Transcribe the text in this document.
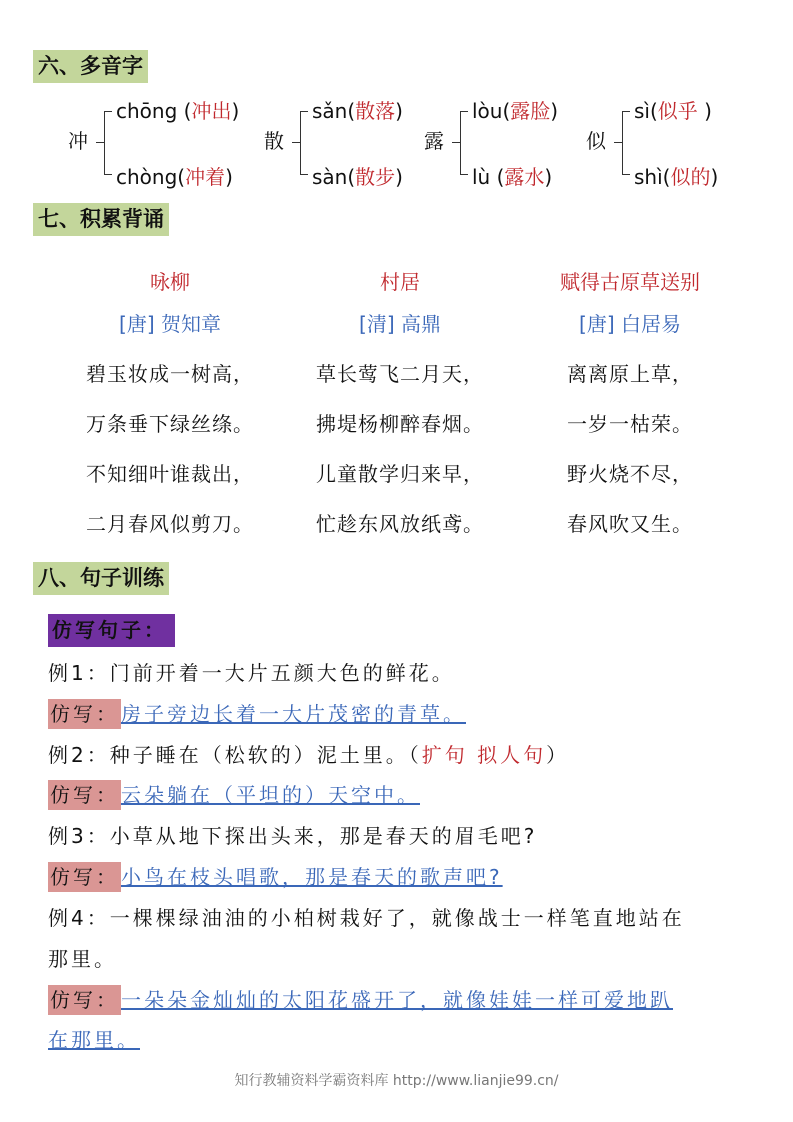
六、多音字
冲
chōng (冲出)
chòng(冲着)
散
sǎn(散落)
sàn(散步)
露
lòu(露脸)
lù (露水)
似
sì(似乎 )
shì(似的)
七、积累背诵
咏柳
[唐] 贺知章
碧玉妆成一树高，
万条垂下绿丝绦。
不知细叶谁裁出，
二月春风似剪刀。
村居
[清] 高鼎
草长莺飞二月天，
拂堤杨柳醉春烟。
儿童散学归来早，
忙趁东风放纸鸢。
赋得古原草送别
[唐] 白居易
离离原上草，
一岁一枯荣。
野火烧不尽，
春风吹又生。
八、句子训练
仿写句子：
例1：门前开着一大片五颜大色的鲜花。
仿写： 房子旁边长着一大片茂密的青草。
例2：种子睡在（松软的）泥土里。（扩句 拟人句）
仿写： 云朵躺在（平坦的）天空中。
例3：小草从地下探出头来，那是春天的眉毛吧?
仿写： 小鸟在枝头唱歌，那是春天的歌声吧?
例4：一棵棵绿油油的小柏树栽好了，就像战士一样笔直地站在
那里。
仿写： 一朵朵金灿灿的太阳花盛开了，就像娃娃一样可爱地趴
在那里。
知行教辅资料学霸资料库 http://www.lianjie99.cn/
